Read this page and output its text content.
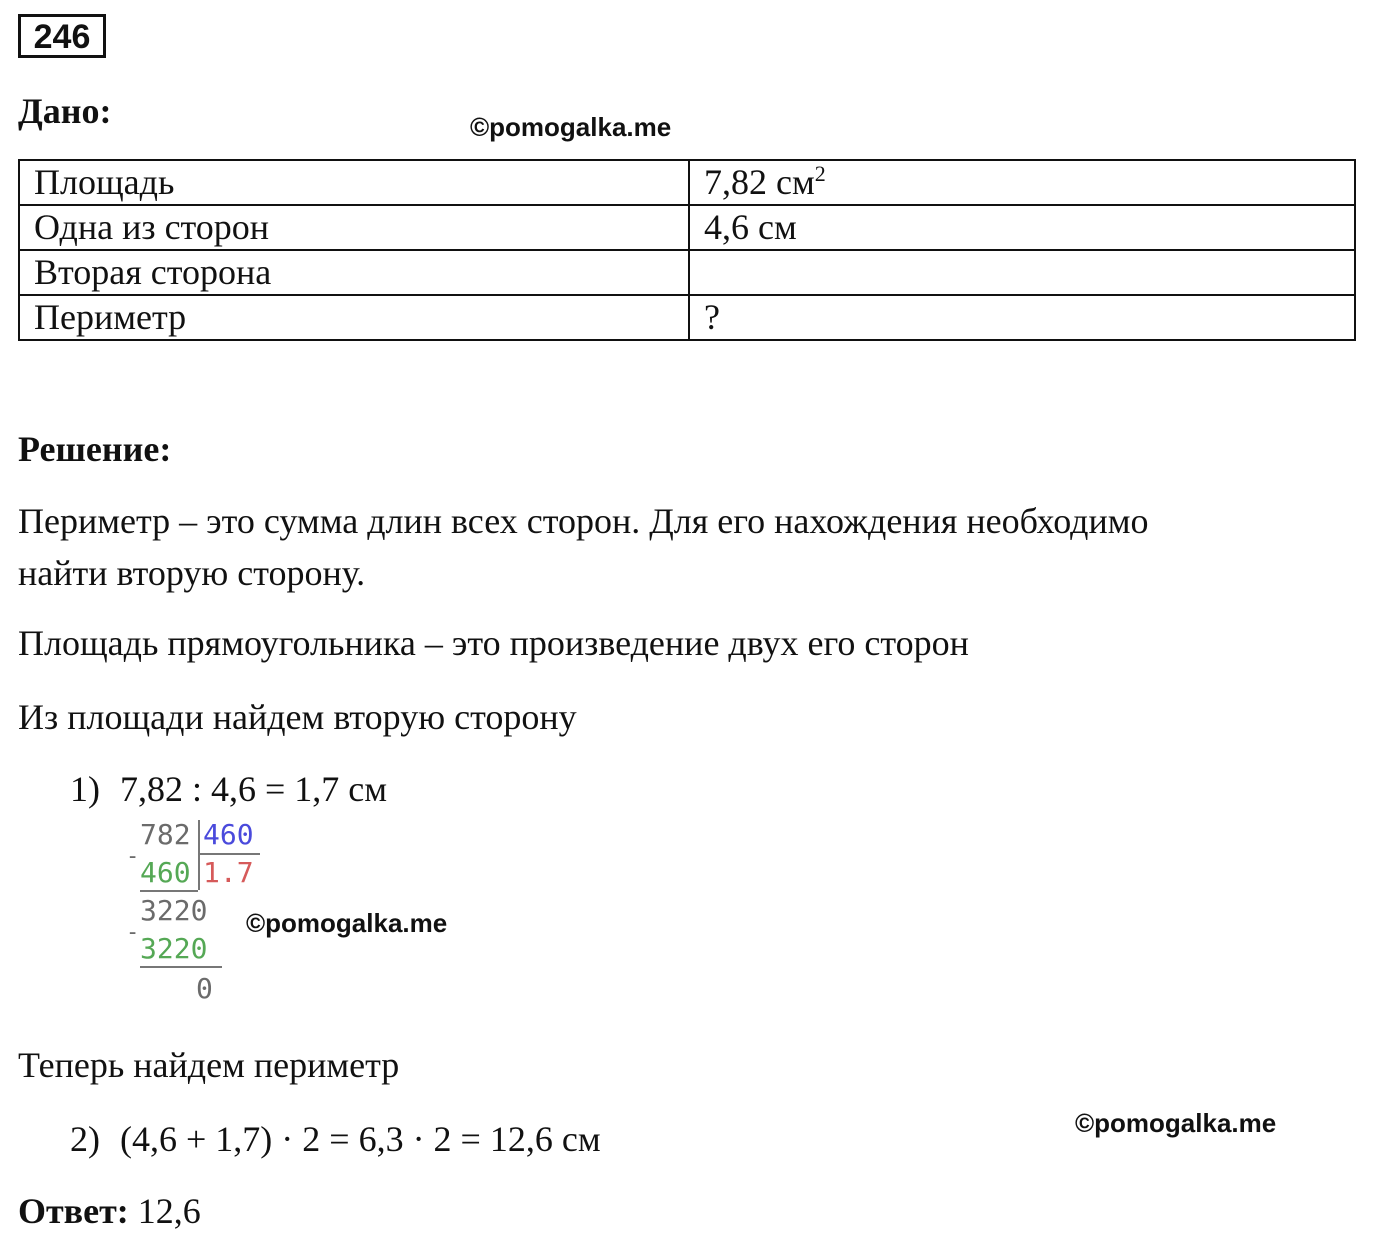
246
Дано:	©pomogalka.me
Площадь	7,82 $см^2$
Одна из сторон	4,6 см
Вторая сторона	
Периметр	?
Решение:
Периметр – это сумма длин всех сторон. Для его нахождения необходимо
найти вторую сторону.
Площадь прямоугольника – это произведение двух его сторон
Из площади найдем вторую сторону
1) 7,82 : 4,6 = 1,7 см
782 460
- 460 1.7
3220
- 3220
0
©pomogalka.me
Теперь найдем периметр
2) (4,6 + 1,7) · 2 = 6,3 · 2 = 12,6 см	©pomogalka.me
Ответ: 12,6
